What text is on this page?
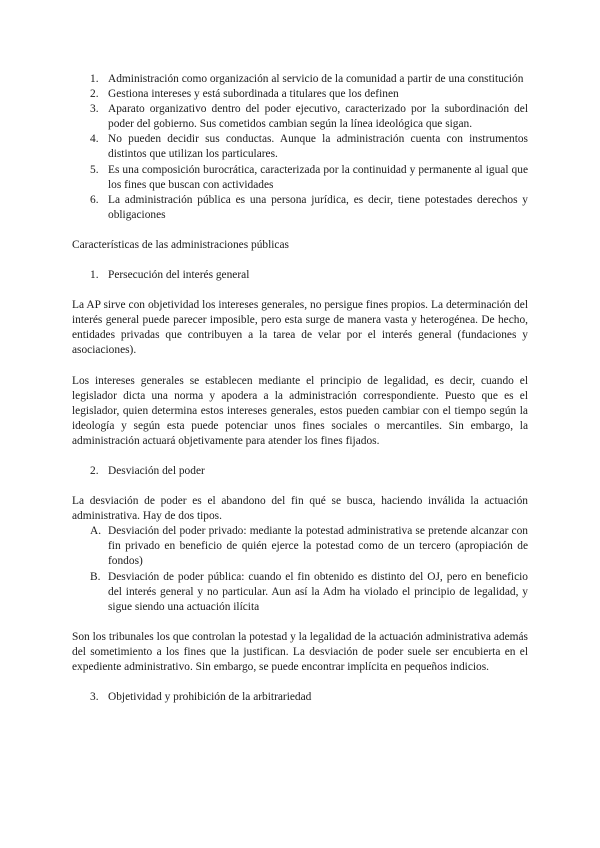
1. Administración como organización al servicio de la comunidad a partir de una constitución
2. Gestiona intereses y está subordinada a titulares que los definen
3. Aparato organizativo dentro del poder ejecutivo, caracterizado por la subordinación del poder del gobierno. Sus cometidos cambian según la línea ideológica que sigan.
4. No pueden decidir sus conductas. Aunque la administración cuenta con instrumentos distintos que utilizan los particulares.
5. Es una composición burocrática, caracterizada por la continuidad y permanente al igual que los fines que buscan con actividades
6. La administración pública es una persona jurídica, es decir, tiene potestades derechos y obligaciones

Características de las administraciones públicas

1. Persecución del interés general

La AP sirve con objetividad los intereses generales, no persigue fines propios. La determinación del interés general puede parecer imposible, pero esta surge de manera vasta y heterogénea. De hecho, entidades privadas que contribuyen a la tarea de velar por el interés general (fundaciones y asociaciones).

Los intereses generales se establecen mediante el principio de legalidad, es decir, cuando el legislador dicta una norma y apodera a la administración correspondiente. Puesto que es el legislador, quien determina estos intereses generales, estos pueden cambiar con el tiempo según la ideología y según esta puede potenciar unos fines sociales o mercantiles. Sin embargo, la administración actuará objetivamente para atender los fines fijados.

2. Desviación del poder

La desviación de poder es el abandono del fin qué se busca, haciendo inválida la actuación administrativa. Hay de dos tipos.

A. Desviación del poder privado: mediante la potestad administrativa se pretende alcanzar con fin privado en beneficio de quién ejerce la potestad como de un tercero (apropiación de fondos)
B. Desviación de poder pública: cuando el fin obtenido es distinto del OJ, pero en beneficio del interés general y no particular. Aun así la Adm ha violado el principio de legalidad, y sigue siendo una actuación ilícita

Son los tribunales los que controlan la potestad y la legalidad de la actuación administrativa además del sometimiento a los fines que la justifican. La desviación de poder suele ser encubierta en el expediente administrativo. Sin embargo, se puede encontrar implícita en pequeños indicios.

3. Objetividad y prohibición de la arbitrariedad
